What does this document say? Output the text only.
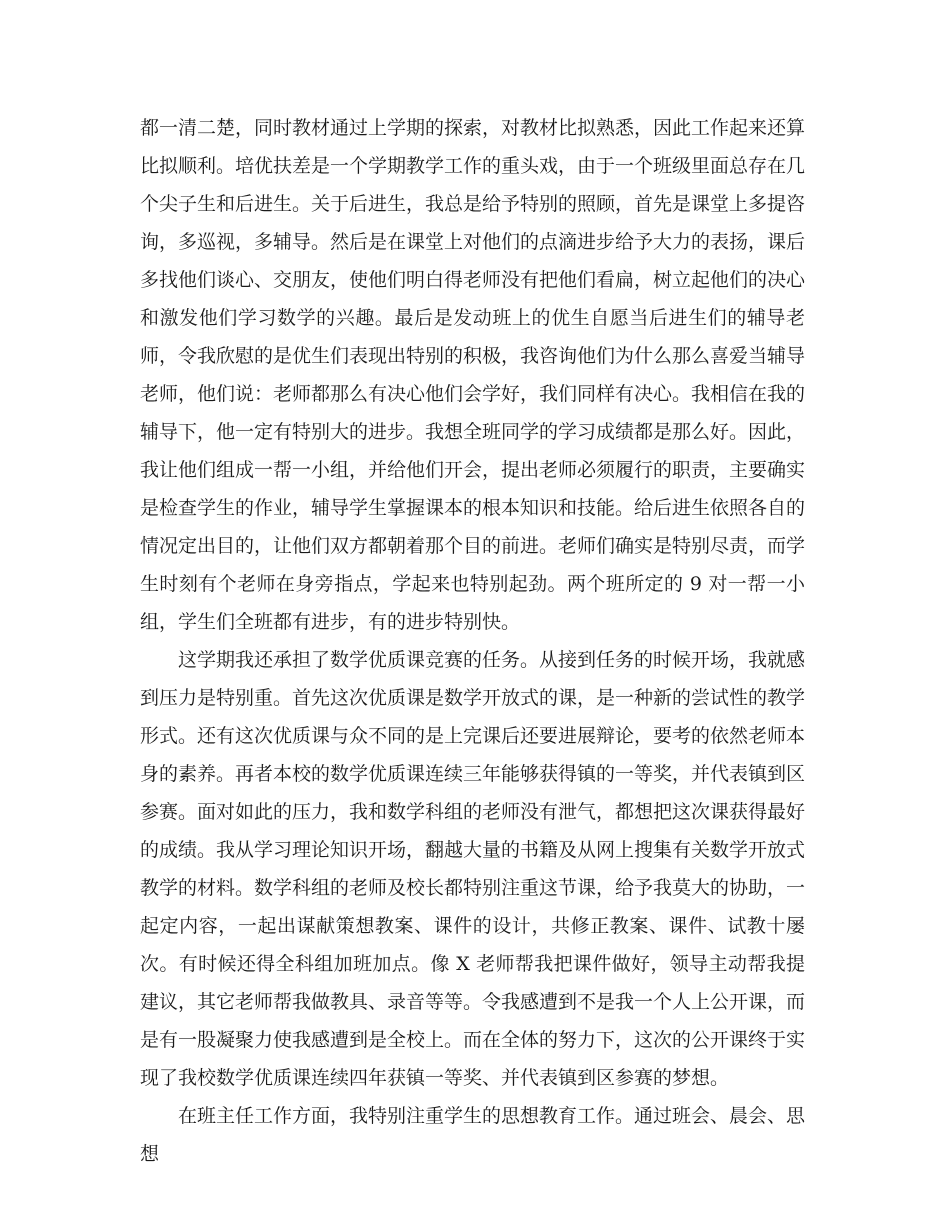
都一清二楚，同时教材通过上学期的探索，对教材比拟熟悉，因此工作起来还算比拟顺利。培优扶差是一个学期教学工作的重头戏，由于一个班级里面总存在几个尖子生和后进生。关于后进生，我总是给予特别的照顾，首先是课堂上多提咨询，多巡视，多辅导。然后是在课堂上对他们的点滴进步给予大力的表扬，课后多找他们谈心、交朋友，使他们明白得老师没有把他们看扁，树立起他们的决心和激发他们学习数学的兴趣。最后是发动班上的优生自愿当后进生们的辅导老师，令我欣慰的是优生们表现出特别的积极，我咨询他们为什么那么喜爱当辅导老师，他们说：老师都那么有决心他们会学好，我们同样有决心。我相信在我的辅导下，他一定有特别大的进步。我想全班同学的学习成绩都是那么好。因此，我让他们组成一帮一小组，并给他们开会，提出老师必须履行的职责，主要确实是检查学生的作业，辅导学生掌握课本的根本知识和技能。给后进生依照各自的情况定出目的，让他们双方都朝着那个目的前进。老师们确实是特别尽责，而学生时刻有个老师在身旁指点，学起来也特别起劲。两个班所定的 9 对一帮一小组，学生们全班都有进步，有的进步特别快。

这学期我还承担了数学优质课竞赛的任务。从接到任务的时候开场，我就感到压力是特别重。首先这次优质课是数学开放式的课，是一种新的尝试性的教学形式。还有这次优质课与众不同的是上完课后还要进展辩论，要考的依然老师本身的素养。再者本校的数学优质课连续三年能够获得镇的一等奖，并代表镇到区参赛。面对如此的压力，我和数学科组的老师没有泄气，都想把这次课获得最好的成绩。我从学习理论知识开场，翻越大量的书籍及从网上搜集有关数学开放式教学的材料。数学科组的老师及校长都特别注重这节课，给予我莫大的协助，一起定内容，一起出谋献策想教案、课件的设计，共修正教案、课件、试教十屡次。有时候还得全科组加班加点。像 X 老师帮我把课件做好，领导主动帮我提建议，其它老师帮我做教具、录音等等。令我感遭到不是我一个人上公开课，而是有一股凝聚力使我感遭到是全校上。而在全体的努力下，这次的公开课终于实现了我校数学优质课连续四年获镇一等奖、并代表镇到区参赛的梦想。

在班主任工作方面，我特别注重学生的思想教育工作。通过班会、晨会、思想
